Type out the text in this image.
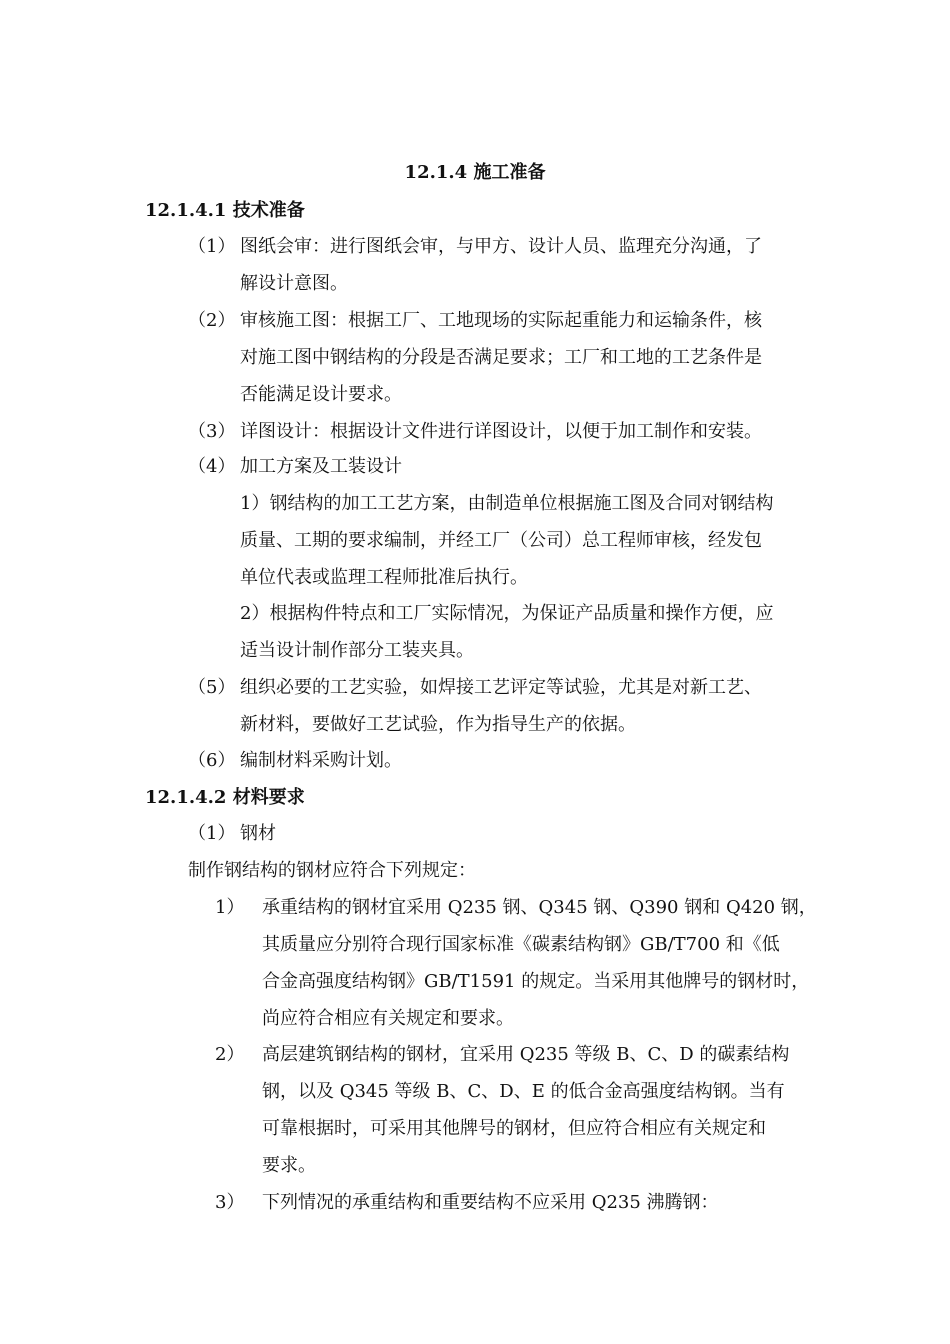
12.1.4 施工准备
12.1.4.1 技术准备
（1） 图纸会审：进行图纸会审，与甲方、设计人员、监理充分沟通，了
解设计意图。
（2） 审核施工图：根据工厂、工地现场的实际起重能力和运输条件，核
对施工图中钢结构的分段是否满足要求；工厂和工地的工艺条件是
否能满足设计要求。
（3） 详图设计：根据设计文件进行详图设计，以便于加工制作和安装。
（4） 加工方案及工装设计
1）钢结构的加工工艺方案，由制造单位根据施工图及合同对钢结构
质量、工期的要求编制，并经工厂（公司）总工程师审核，经发包
单位代表或监理工程师批准后执行。
2）根据构件特点和工厂实际情况，为保证产品质量和操作方便，应
适当设计制作部分工装夹具。
（5） 组织必要的工艺实验，如焊接工艺评定等试验，尤其是对新工艺、
新材料，要做好工艺试验，作为指导生产的依据。
（6） 编制材料采购计划。
12.1.4.2 材料要求
（1） 钢材
制作钢结构的钢材应符合下列规定：
1） 承重结构的钢材宜采用 Q235 钢、Q345 钢、Q390 钢和 Q420 钢，
其质量应分别符合现行国家标准《碳素结构钢》GB/T700 和《低
合金高强度结构钢》GB/T1591 的规定。当采用其他牌号的钢材时，
尚应符合相应有关规定和要求。
2） 高层建筑钢结构的钢材，宜采用 Q235 等级 B、C、D 的碳素结构
钢，以及 Q345 等级 B、C、D、E 的低合金高强度结构钢。当有
可靠根据时，可采用其他牌号的钢材，但应符合相应有关规定和
要求。
3） 下列情况的承重结构和重要结构不应采用 Q235 沸腾钢：
